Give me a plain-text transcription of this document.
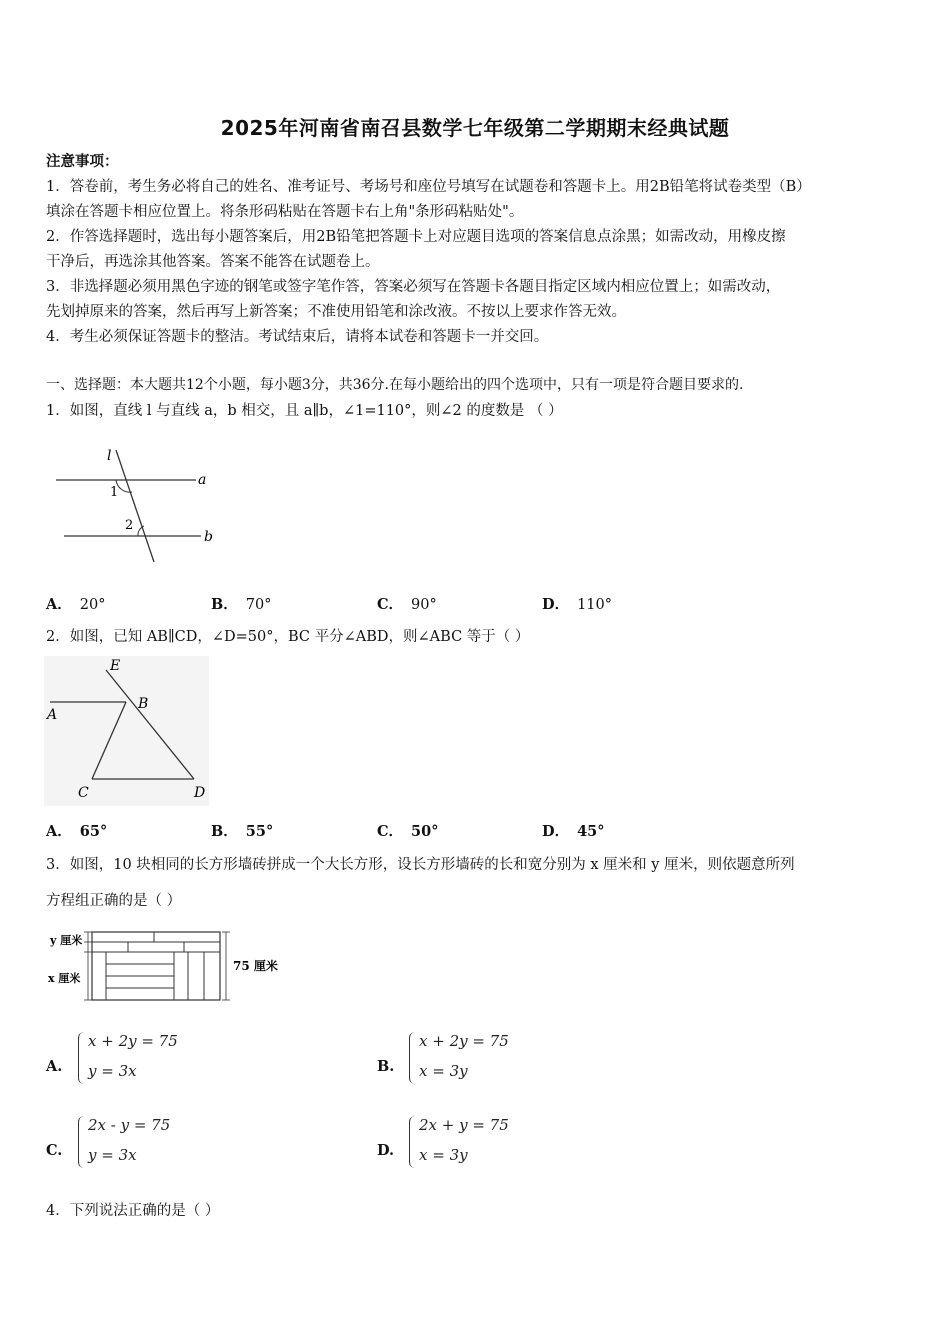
2025年河南省南召县数学七年级第二学期期末经典试题
注意事项：
1．答卷前，考生务必将自己的姓名、准考证号、考场号和座位号填写在试题卷和答题卡上。用2B铅笔将试卷类型（B）
填涂在答题卡相应位置上。将条形码粘贴在答题卡右上角"条形码粘贴处"。
2．作答选择题时，选出每小题答案后，用2B铅笔把答题卡上对应题目选项的答案信息点涂黑；如需改动，用橡皮擦
干净后，再选涂其他答案。答案不能答在试题卷上。
3．非选择题必须用黑色字迹的钢笔或签字笔作答，答案必须写在答题卡各题目指定区域内相应位置上；如需改动，
先划掉原来的答案，然后再写上新答案；不准使用铅笔和涂改液。不按以上要求作答无效。
4．考生必须保证答题卡的整洁。考试结束后，请将本试卷和答题卡一并交回。
一、选择题：本大题共12个小题，每小题3分，共36分.在每小题给出的四个选项中，只有一项是符合题目要求的.
1．如图，直线 l 与直线 a，b 相交，且 a∥b，∠1=110°，则∠2 的度数是 （ ）
l
a
b
1
2
A． 20°	B． 70°	C． 90°	D． 110°
2．如图，已知 AB∥CD，∠D=50°，BC 平分∠ABD，则∠ABC 等于（ ）
E
A
B
C	D
A． 65°	B． 55°	C． 50°	D． 45°
3．如图，10 块相同的长方形墙砖拼成一个大长方形，设长方形墙砖的长和宽分别为 x 厘米和 y 厘米，则依题意所列
方程组正确的是（ ）
y 厘米
x 厘米
75 厘米
A.
x + 2y = 75
y = 3x	B.
x + 2y = 75
x = 3y
C.
2x - y = 75
y = 3x	D.
2x + y = 75
x = 3y
4．下列说法正确的是（ ）
